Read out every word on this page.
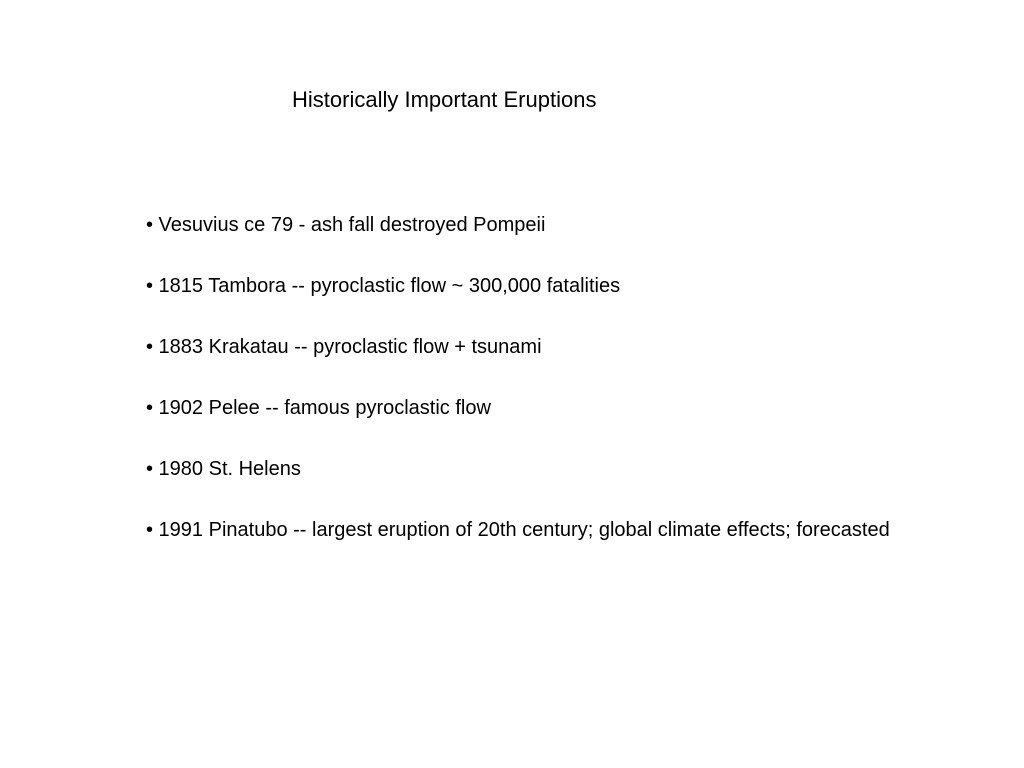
Historically Important Eruptions
• Vesuvius ce 79 - ash fall destroyed Pompeii
• 1815 Tambora -- pyroclastic flow ~ 300,000 fatalities
• 1883 Krakatau -- pyroclastic flow + tsunami
• 1902 Pelee -- famous pyroclastic flow
• 1980 St. Helens
• 1991 Pinatubo -- largest eruption of 20th century; global climate effects; forecasted
